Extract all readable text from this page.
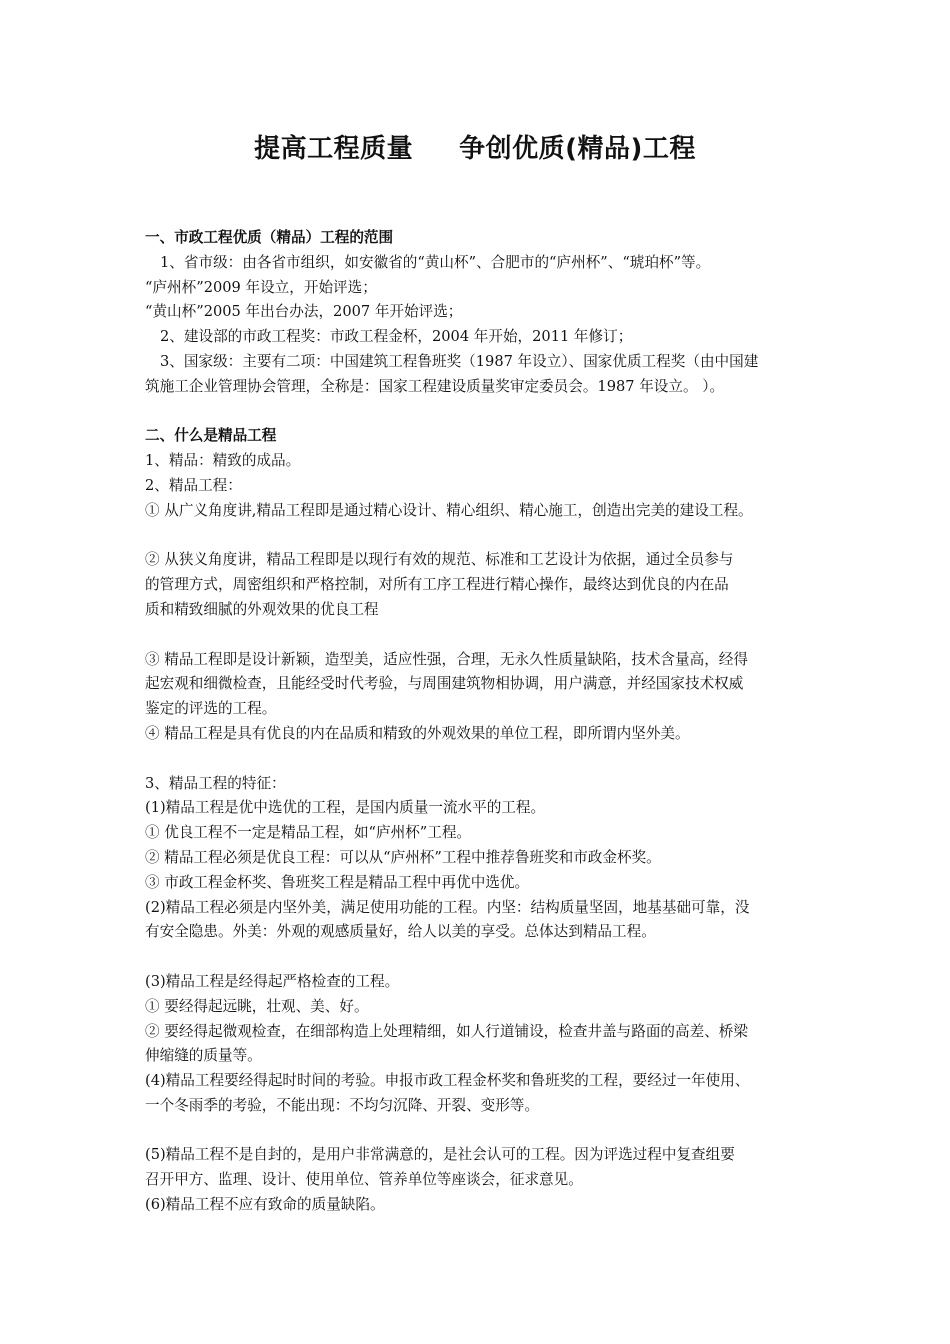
提高工程质量 争创优质(精品)工程

一、市政工程优质（精品）工程的范围

1、省市级：由各省市组织，如安徽省的“黄山杯”、合肥市的“庐州杯”、“琥珀杯”等。

“庐州杯”2009 年设立，开始评选；

“黄山杯”2005 年出台办法，2007 年开始评选；

2、建设部的市政工程奖：市政工程金杯，2004 年开始，2011 年修订；

3、国家级：主要有二项：中国建筑工程鲁班奖（1987 年设立）、国家优质工程奖（由中国建

筑施工企业管理协会管理，全称是：国家工程建设质量奖审定委员会。1987 年设立。 ）。

二、什么是精品工程

1、精品：精致的成品。

2、精品工程：

① 从广义角度讲,精品工程即是通过精心设计、精心组织、精心施工，创造出完美的建设工程。

② 从狭义角度讲，精品工程即是以现行有效的规范、标准和工艺设计为依据，通过全员参与

的管理方式，周密组织和严格控制，对所有工序工程进行精心操作，最终达到优良的内在品

质和精致细腻的外观效果的优良工程

③ 精品工程即是设计新颖，造型美，适应性强，合理，无永久性质量缺陷，技术含量高，经得

起宏观和细微检查，且能经受时代考验，与周围建筑物相协调，用户满意，并经国家技术权威

鉴定的评选的工程。

④ 精品工程是具有优良的内在品质和精致的外观效果的单位工程，即所谓内坚外美。

3、精品工程的特征：

(1)精品工程是优中选优的工程，是国内质量一流水平的工程。

① 优良工程不一定是精品工程，如“庐州杯”工程。

② 精品工程必须是优良工程：可以从“庐州杯”工程中推荐鲁班奖和市政金杯奖。

③ 市政工程金杯奖、鲁班奖工程是精品工程中再优中选优。

(2)精品工程必须是内坚外美，满足使用功能的工程。内坚：结构质量坚固，地基基础可靠，没

有安全隐患。外美：外观的观感质量好，给人以美的享受。总体达到精品工程。

(3)精品工程是经得起严格检查的工程。

① 要经得起远眺，壮观、美、好。

② 要经得起微观检查，在细部构造上处理精细，如人行道铺设，检查井盖与路面的高差、桥梁

伸缩缝的质量等。

(4)精品工程要经得起时时间的考验。申报市政工程金杯奖和鲁班奖的工程，要经过一年使用、

一个冬雨季的考验，不能出现：不均匀沉降、开裂、变形等。

(5)精品工程不是自封的，是用户非常满意的，是社会认可的工程。因为评选过程中复查组要

召开甲方、监理、设计、使用单位、管养单位等座谈会，征求意见。

(6)精品工程不应有致命的质量缺陷。
